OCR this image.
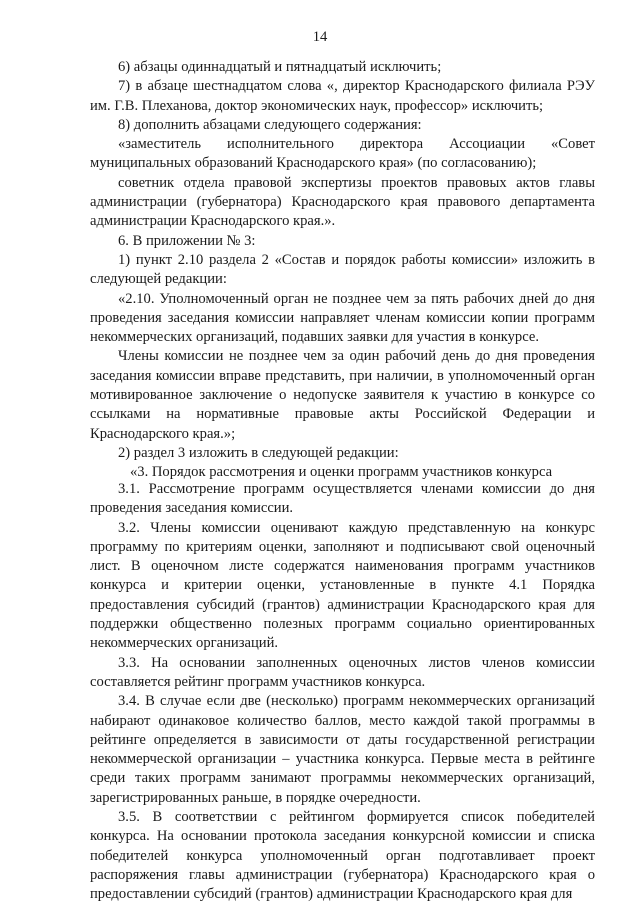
14

6) абзацы одиннадцатый и пятнадцатый исключить;

7) в абзаце шестнадцатом слова «, директор Краснодарского филиала РЭУ им. Г.В. Плеханова, доктор экономических наук, профессор» исключить;

8) дополнить абзацами следующего содержания:

«заместитель исполнительного директора Ассоциации «Совет муниципальных образований Краснодарского края» (по согласованию);

советник отдела правовой экспертизы проектов правовых актов главы администрации (губернатора) Краснодарского края правового департамента администрации Краснодарского края.».

6. В приложении № 3:

1) пункт 2.10 раздела 2 «Состав и порядок работы комиссии» изложить в следующей редакции:

«2.10. Уполномоченный орган не позднее чем за пять рабочих дней до дня проведения заседания комиссии направляет членам комиссии копии программ некоммерческих организаций, подавших заявки для участия в конкурсе.

Члены комиссии не позднее чем за один рабочий день до дня проведения заседания комиссии вправе представить, при наличии, в уполномоченный орган мотивированное заключение о недопуске заявителя к участию в конкурсе со ссылками на нормативные правовые акты Российской Федерации и Краснодарского края.»;

2) раздел 3 изложить в следующей редакции:

«3. Порядок рассмотрения и оценки программ участников конкурса

3.1. Рассмотрение программ осуществляется членами комиссии до дня проведения заседания комиссии.

3.2. Члены комиссии оценивают каждую представленную на конкурс программу по критериям оценки, заполняют и подписывают свой оценочный лист. В оценочном листе содержатся наименования программ участников конкурса и критерии оценки, установленные в пункте 4.1 Порядка предоставления субсидий (грантов) администрации Краснодарского края для поддержки общественно полезных программ социально ориентированных некоммерческих организаций.

3.3. На основании заполненных оценочных листов членов комиссии составляется рейтинг программ участников конкурса.

3.4. В случае если две (несколько) программ некоммерческих организаций набирают одинаковое количество баллов, место каждой такой программы в рейтинге определяется в зависимости от даты государственной регистрации некоммерческой организации – участника конкурса. Первые места в рейтинге среди таких программ занимают программы некоммерческих организаций, зарегистрированных раньше, в порядке очередности.

3.5. В соответствии с рейтингом формируется список победителей конкурса. На основании протокола заседания конкурсной комиссии и списка победителей конкурса уполномоченный орган подготавливает проект распоряжения главы администрации (губернатора) Краснодарского края о предоставлении субсидий (грантов) администрации Краснодарского края для
